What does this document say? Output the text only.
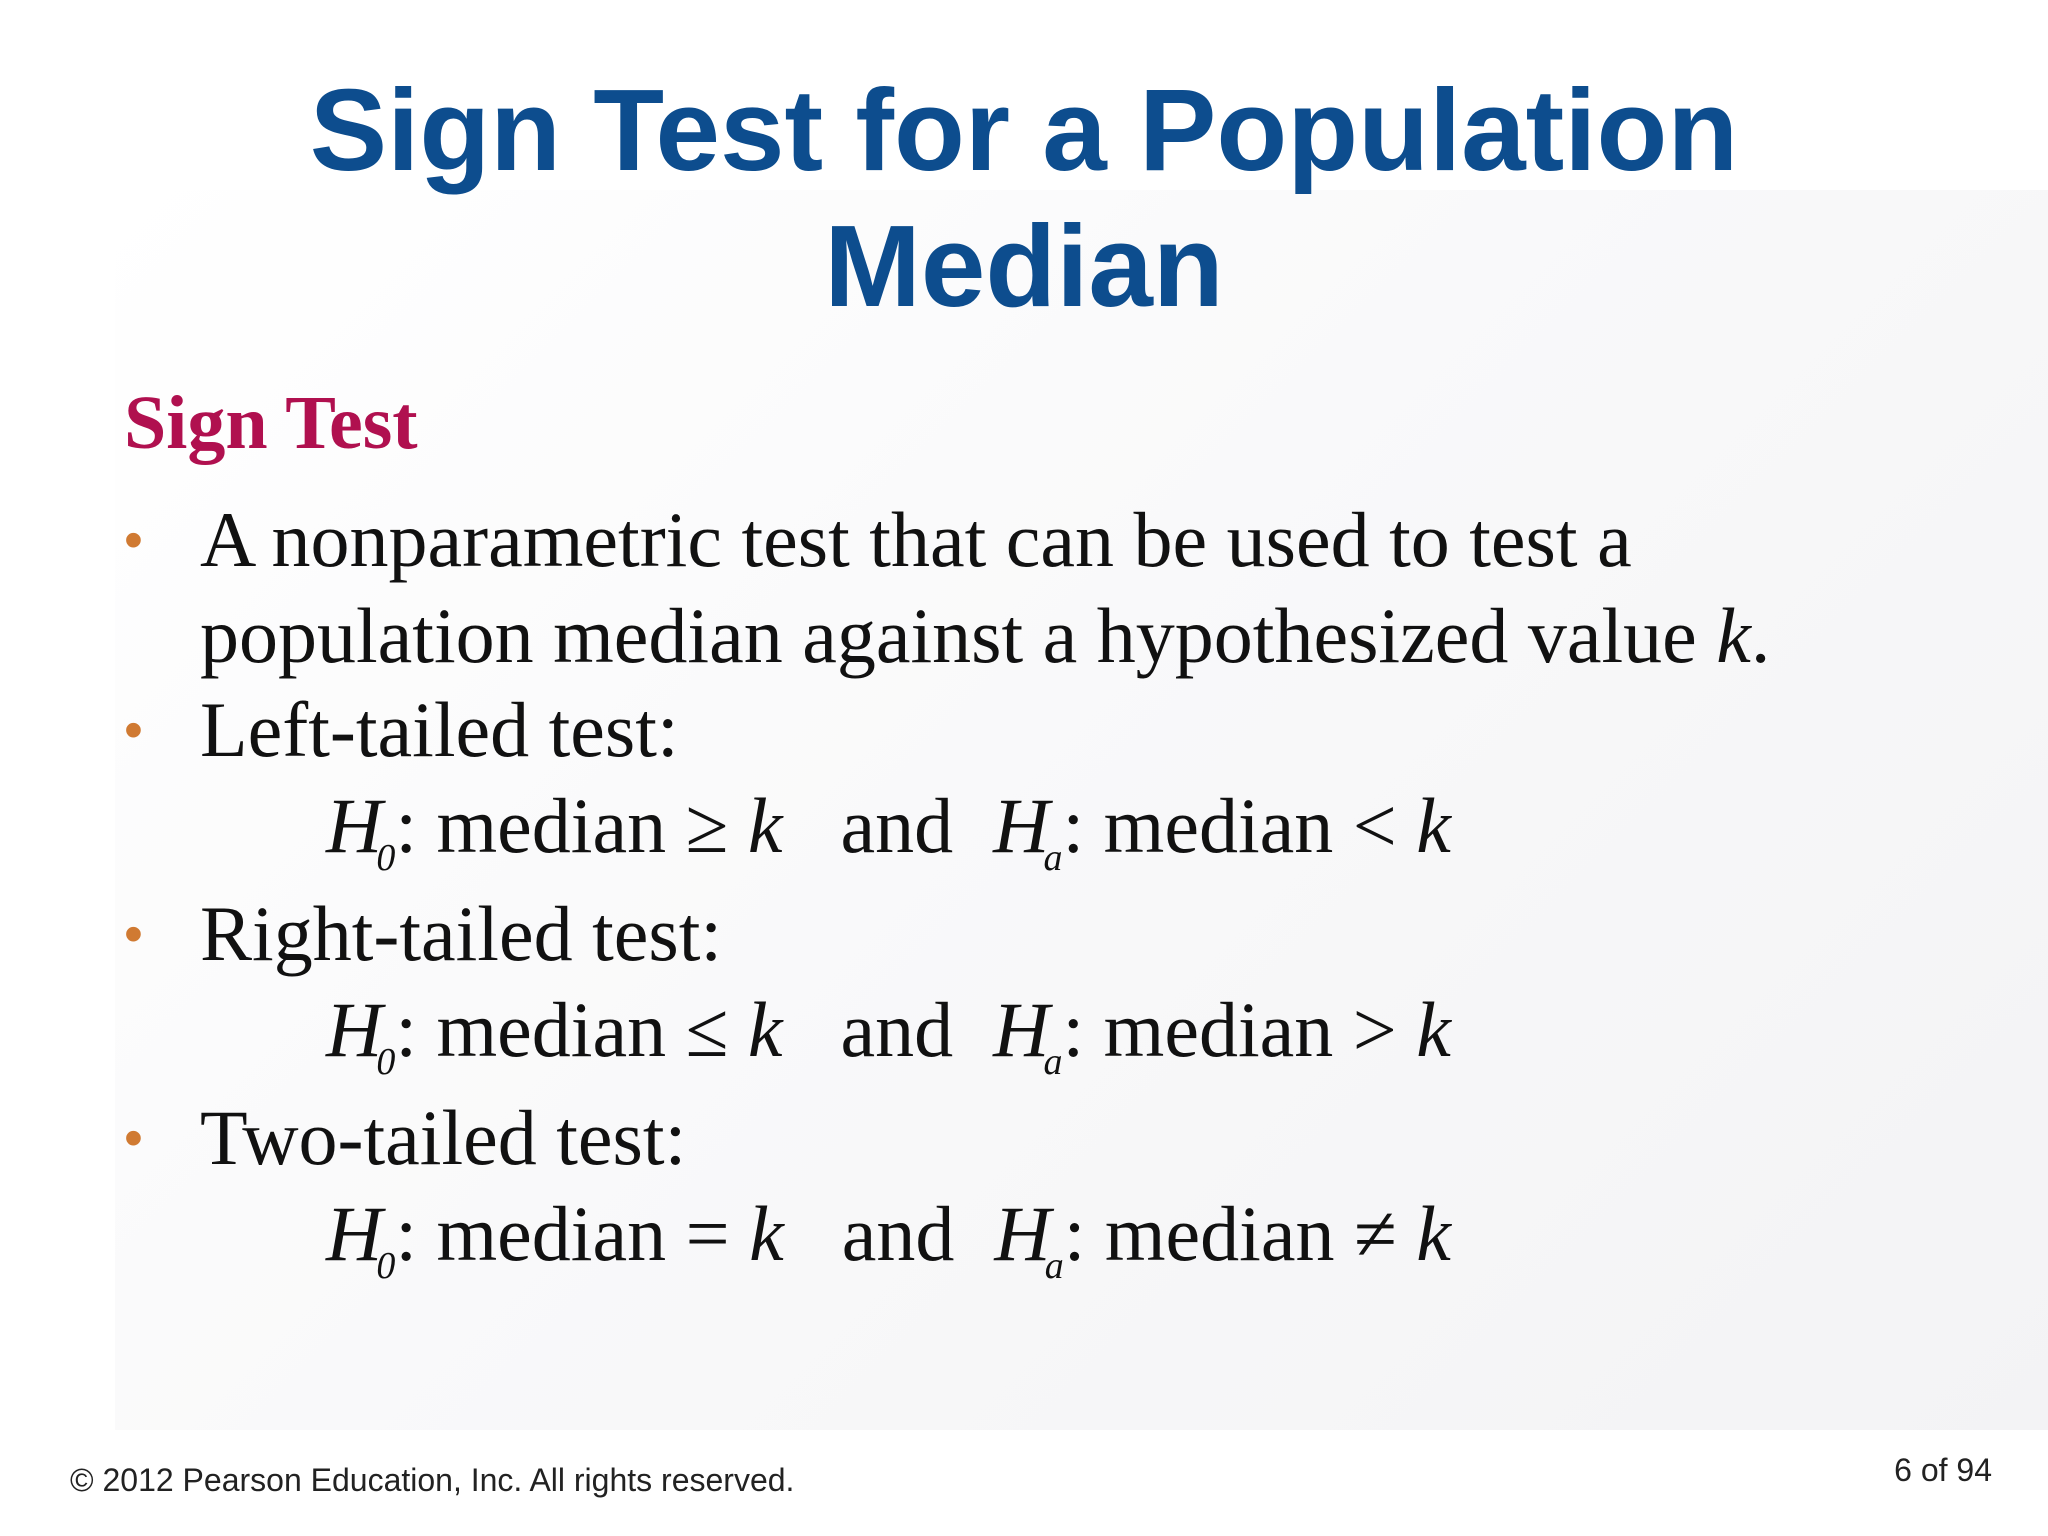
Sign Test for a Population
Median
Sign Test
• A nonparametric test that can be used to test a
population median against a hypothesized value k.
• Left-tailed test:
$H_0$: median ≥ k and $H_a$: median < k
• Right-tailed test:
$H_0$: median ≤ k and $H_a$: median > k
• Two-tailed test:
$H_0$: median = k and $H_a$: median ≠ k
© 2012 Pearson Education, Inc. All rights reserved.	6 of 94
